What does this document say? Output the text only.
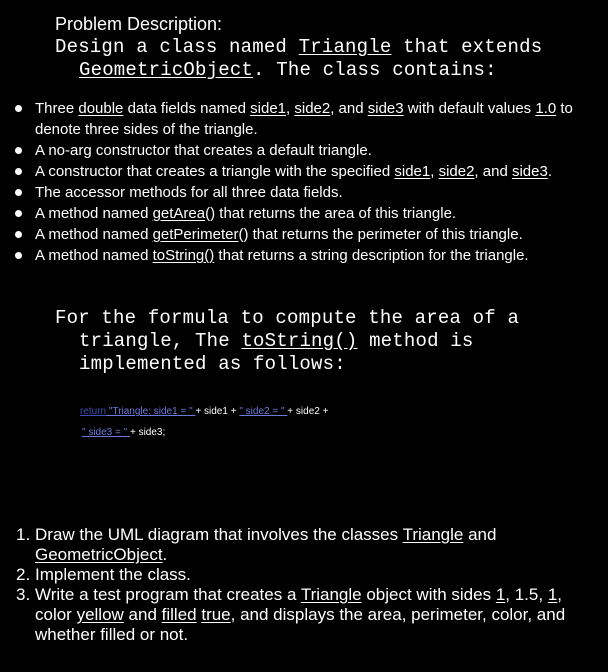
Problem Description:
Design a class named Triangle that extends
GeometricObject. The class contains:
Three double data fields named side1, side2, and side3 with default values 1.0 to denote three sides of the triangle.
A no-arg constructor that creates a default triangle.
A constructor that creates a triangle with the specified side1, side2, and side3.
The accessor methods for all three data fields.
A method named getArea() that returns the area of this triangle.
A method named getPerimeter() that returns the perimeter of this triangle.
A method named toString() that returns a string description for the triangle.
For the formula to compute the area of a
triangle, The toString() method is
implemented as follows:
return "Triangle: side1 = " + side1 + " side2 = " + side2 +
" side3 = " + side3;
1. Draw the UML diagram that involves the classes Triangle and GeometricObject.
2. Implement the class.
3. Write a test program that creates a Triangle object with sides 1, 1.5, 1, color yellow and filled true, and displays the area, perimeter, color, and whether filled or not.
